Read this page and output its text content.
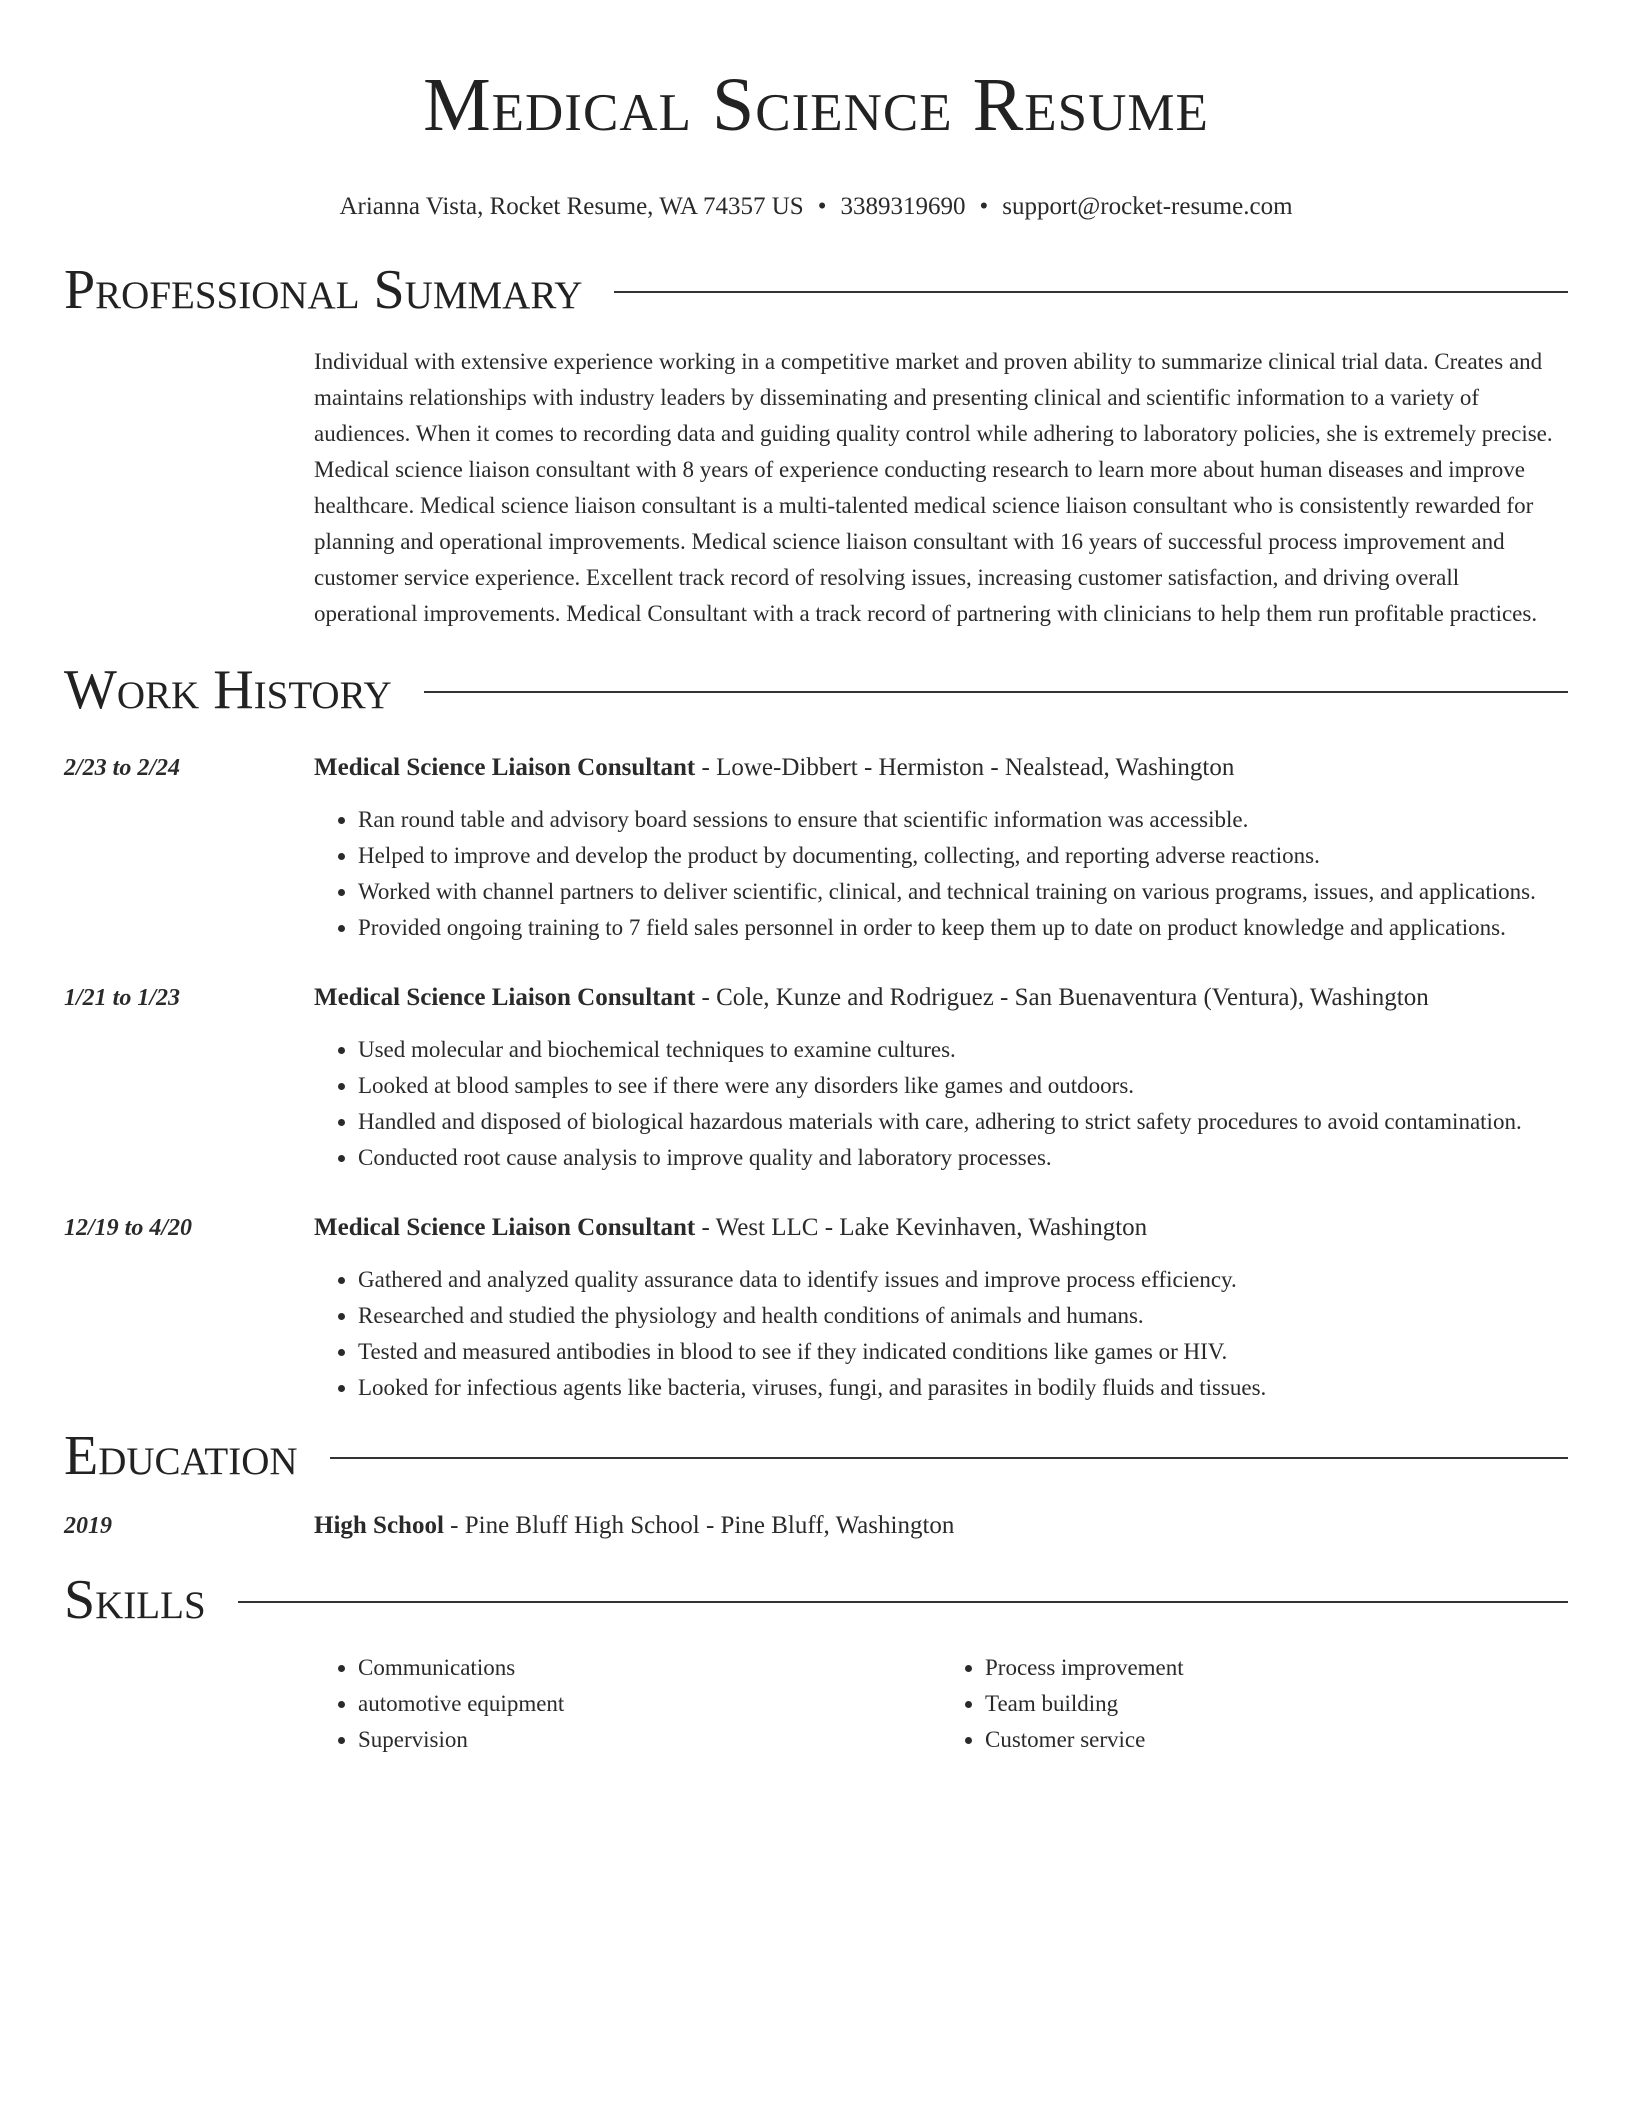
Medical Science Resume
Arianna Vista, Rocket Resume, WA 74357 US • 3389319690 • support@rocket-resume.com
Professional Summary
Individual with extensive experience working in a competitive market and proven ability to summarize clinical trial data. Creates and maintains relationships with industry leaders by disseminating and presenting clinical and scientific information to a variety of audiences. When it comes to recording data and guiding quality control while adhering to laboratory policies, she is extremely precise. Medical science liaison consultant with 8 years of experience conducting research to learn more about human diseases and improve healthcare. Medical science liaison consultant is a multi-talented medical science liaison consultant who is consistently rewarded for planning and operational improvements. Medical science liaison consultant with 16 years of successful process improvement and customer service experience. Excellent track record of resolving issues, increasing customer satisfaction, and driving overall operational improvements. Medical Consultant with a track record of partnering with clinicians to help them run profitable practices.
Work History
2/23 to 2/24	Medical Science Liaison Consultant - Lowe-Dibbert - Hermiston - Nealstead, Washington
• Ran round table and advisory board sessions to ensure that scientific information was accessible.
• Helped to improve and develop the product by documenting, collecting, and reporting adverse reactions.
• Worked with channel partners to deliver scientific, clinical, and technical training on various programs, issues, and applications.
• Provided ongoing training to 7 field sales personnel in order to keep them up to date on product knowledge and applications.
1/21 to 1/23	Medical Science Liaison Consultant - Cole, Kunze and Rodriguez - San Buenaventura (Ventura), Washington
• Used molecular and biochemical techniques to examine cultures.
• Looked at blood samples to see if there were any disorders like games and outdoors.
• Handled and disposed of biological hazardous materials with care, adhering to strict safety procedures to avoid contamination.
• Conducted root cause analysis to improve quality and laboratory processes.
12/19 to 4/20	Medical Science Liaison Consultant - West LLC - Lake Kevinhaven, Washington
• Gathered and analyzed quality assurance data to identify issues and improve process efficiency.
• Researched and studied the physiology and health conditions of animals and humans.
• Tested and measured antibodies in blood to see if they indicated conditions like games or HIV.
• Looked for infectious agents like bacteria, viruses, fungi, and parasites in bodily fluids and tissues.
Education
2019	High School - Pine Bluff High School - Pine Bluff, Washington
Skills
• Communications
• automotive equipment
• Supervision
• Process improvement
• Team building
• Customer service
